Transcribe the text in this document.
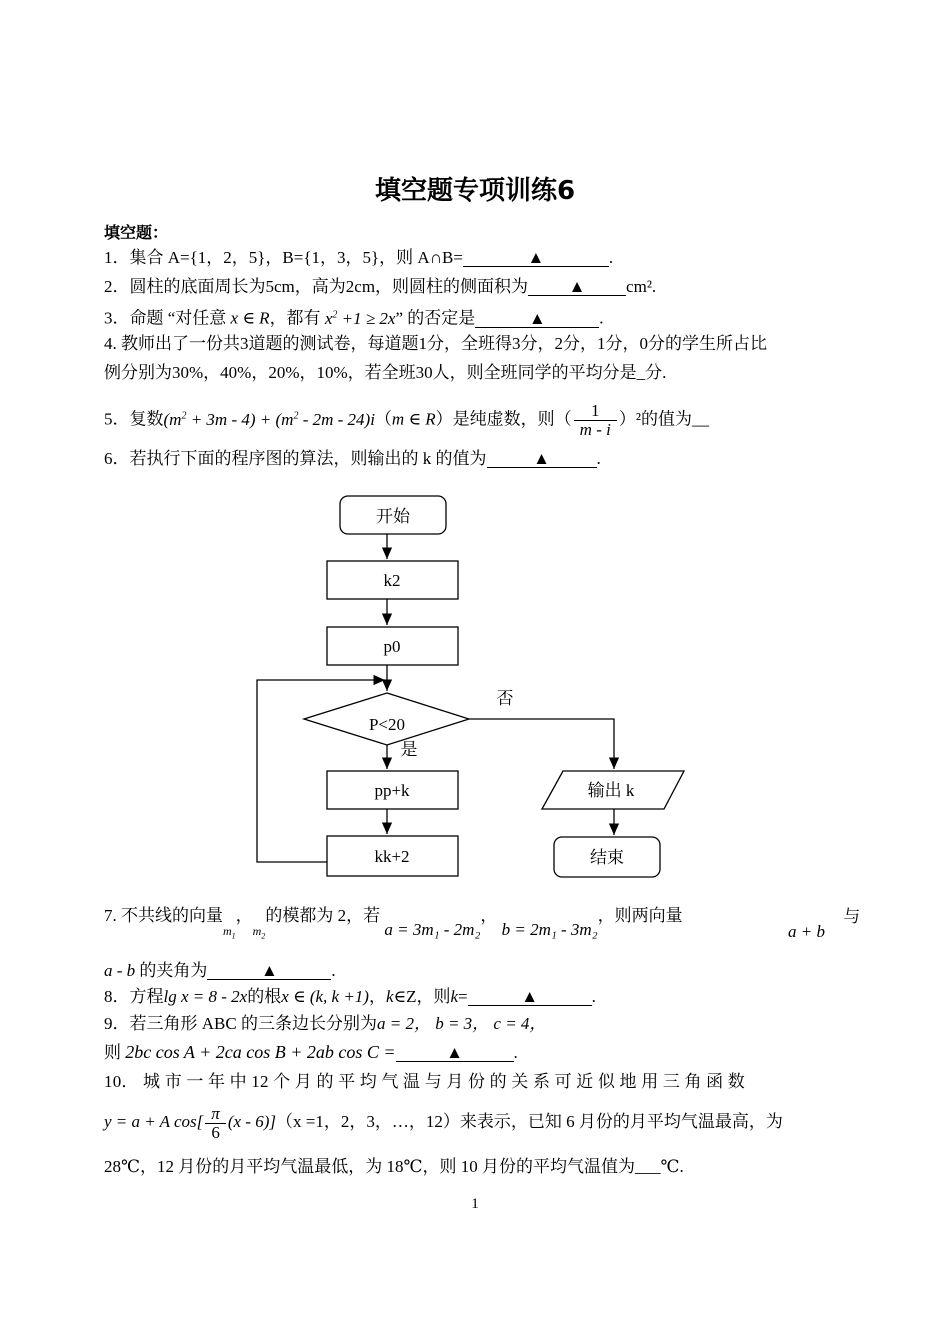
填空题专项训练6
填空题：
1．集合 A={1，2，5}，B={1，3，5}，则 A∩B=	▲	.
2．圆柱的底面周长为5cm，高为2cm，则圆柱的侧面积为 ▲ cm².
3．命题 “对任意 x ∈ R，都有 $x^2 +1 \ge 2x$” 的否定是	▲	.
4. 教师出了一份共3道题的测试卷，每道题1分，全班得3分，2分，1分，0分的学生所占比
例分别为30%，40%，20%，10%，若全班30人，则全班同学的平均分是_分.
5．复数$(m^2 + 3m - 4) + (m^2 - 2m - 24)i(m$ ∈ R）是纯虚数，则（ $\frac{1}{m - i} )^2$的值为__
6．若执行下面的程序图的算法，则输出的 k 的值为	▲	.
开始
k2
p0
P<20
否
是
pp+k
kk+2
输出 k
结束
7. 不共线的向量$_{m_1}$，$_{m_2}$的模都为 2，若 a = 3m₁ - 2m₂， b = 2m₁ - 3m₂，则两向量
a + b 与
a - b 的夹角为	▲	.
8．方程lg x = 8 - 2x的根x ∈ (k, k +1)，k∈Z，则k=	▲	.
9．若三角形 ABC 的三条边长分别为a = 2， b = 3， c = 4，
则 2bc cos A + 2ca cos B + 2ab cos C =	▲	.
10． 城 市 一 年 中 12 个 月 的 平 均 气 温 与 月 份 的 关 系 可 近 似 地 用 三 角 函 数
y = a + A $\cos[ \frac{\pi}{6} (x - 6)](x =1$，2，3，…，12）来表示，已知 6 月份的月平均气温最高，为
28℃，12 月份的月平均气温最低，为 18℃，则 10 月份的平均气温值为___℃.
1
